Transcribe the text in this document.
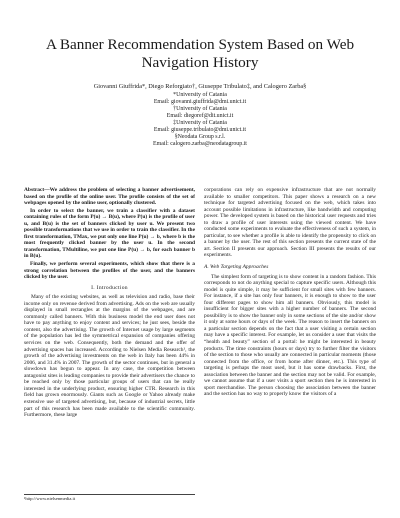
A Banner Recommendation System Based on Web Navigation History
Giovanni Giuffrida*, Diego Reforgiato†, Giuseppe Tribulato‡, and Calogero Zarba§
*University of Catania
Email: giovanni.giuffrida@dmi.unict.it
†University of Catania
Email: diegoref@dit.unict.it
‡University of Catania
Email: giuseppe.tribulato@dmi.unict.it
§Neodata Group s.r.l.
Email: calogero.zarba@neodatagroup.it

Abstract—We address the problem of selecting a banner advertisement, based on the profile of the online user. The profile consists of the set of webpages opened by the online user, optionally clustered.

In order to select the banner, we train a classifier with a dataset containing rules of the form P(u) → B(u), where P(u) is the profile of user u, and B(u) is the set of banners clicked by user u. We present two possible transformations that we use in order to train the classifier. In the first transformation, TMax, we put only one line P(u) → b, where b is the most frequently clicked banner by the user u. In the second transformation, TMultiline, we put one line P(u) → b, for each banner b in B(u).

Finally, we perform several experiments, which show that there is a strong correlation between the profiles of the user, and the banners clicked by the user.

I. Introduction

Many of the existing websites, as well as television and radio, base their income only on revenue derived from advertising. Ads on the web are usually displayed in small rectangles at the margins of the webpages, and are commonly called banners. With this business model the end user does not have to pay anything to enjoy content and services; he just sees, beside the content, also the advertising. The growth of Internet usage by large segments of the population has led the symmetrical expansion of companies offering services on the web. Consequently, both the demand and the offer of advertising spaces has increased. According to Nielsen Media Research¹, the growth of the advertising investments on the web in Italy has been 44% in 2006, and 31.4% in 2007. The growth of the sector continues, but in general a slowdown has begun to appear. In any case, the competition between antagonist sites is leading companies to provide their advertisers the chance to be reached only by those particular groups of users that can be really interested in the underlying product, ensuring higher CTR. Research in this field has grown enormously. Giants such as Google or Yahoo already make extensive use of targeted advertising, but, because of industrial secrets, little part of this research has been made available to the scientific community. Furthermore, these large

corporations can rely on expensive infrastructure that are not normally available to smaller competitors. This paper shows a research on a new technique for targeted advertising focused on the web, which takes into account possible limitations in infrastructure, like bandwidth and computing power. The developed system is based on the historical user requests and tries to draw a profile of user interests using the viewed content. We have conducted some experiments to evaluate the effectiveness of such a system, in particular, to see whether a profile is able to identify the propensity to click on a banner by the user. The rest of this section presents the current state of the art. Section II presents our approach. Section III presents the results of our experiments.

A. Web Targeting Approaches

The simplest form of targeting is to show content in a random fashion. This corresponds to not do anything special to capture specific users. Although this model is quite simple, it may be sufficient for small sites with few banners. For instance, if a site has only four banners, it is enough to show to the user four different pages to show him all banners. Obviously, this model is insufficient for bigger sites with a higher number of banners. The second possibility is to show the banner only in some sections of the site and/or show it only at some hours or days of the week. The reason to insert the banners on a particular section depends on the fact that a user visiting a certain section may have a specific interest. For example, let us consider a user that visits the “health and beauty” section of a portal: he might be interested in beauty products. The time constraints (hours or days) try to further filter the visitors of the section to those who usually are connected in particular moments (those connected from the office, or from home after dinner, etc.). This type of targeting is perhaps the most used, but it has some drawbacks. First, the association between the banner and the section may not be valid. For example, we cannot assume that if a user visits a sport section then he is interested in sport merchandise. The person choosing the association between the banner and the section has no way to properly know the visitors of a

¹http://www.nielsenmedia.it
